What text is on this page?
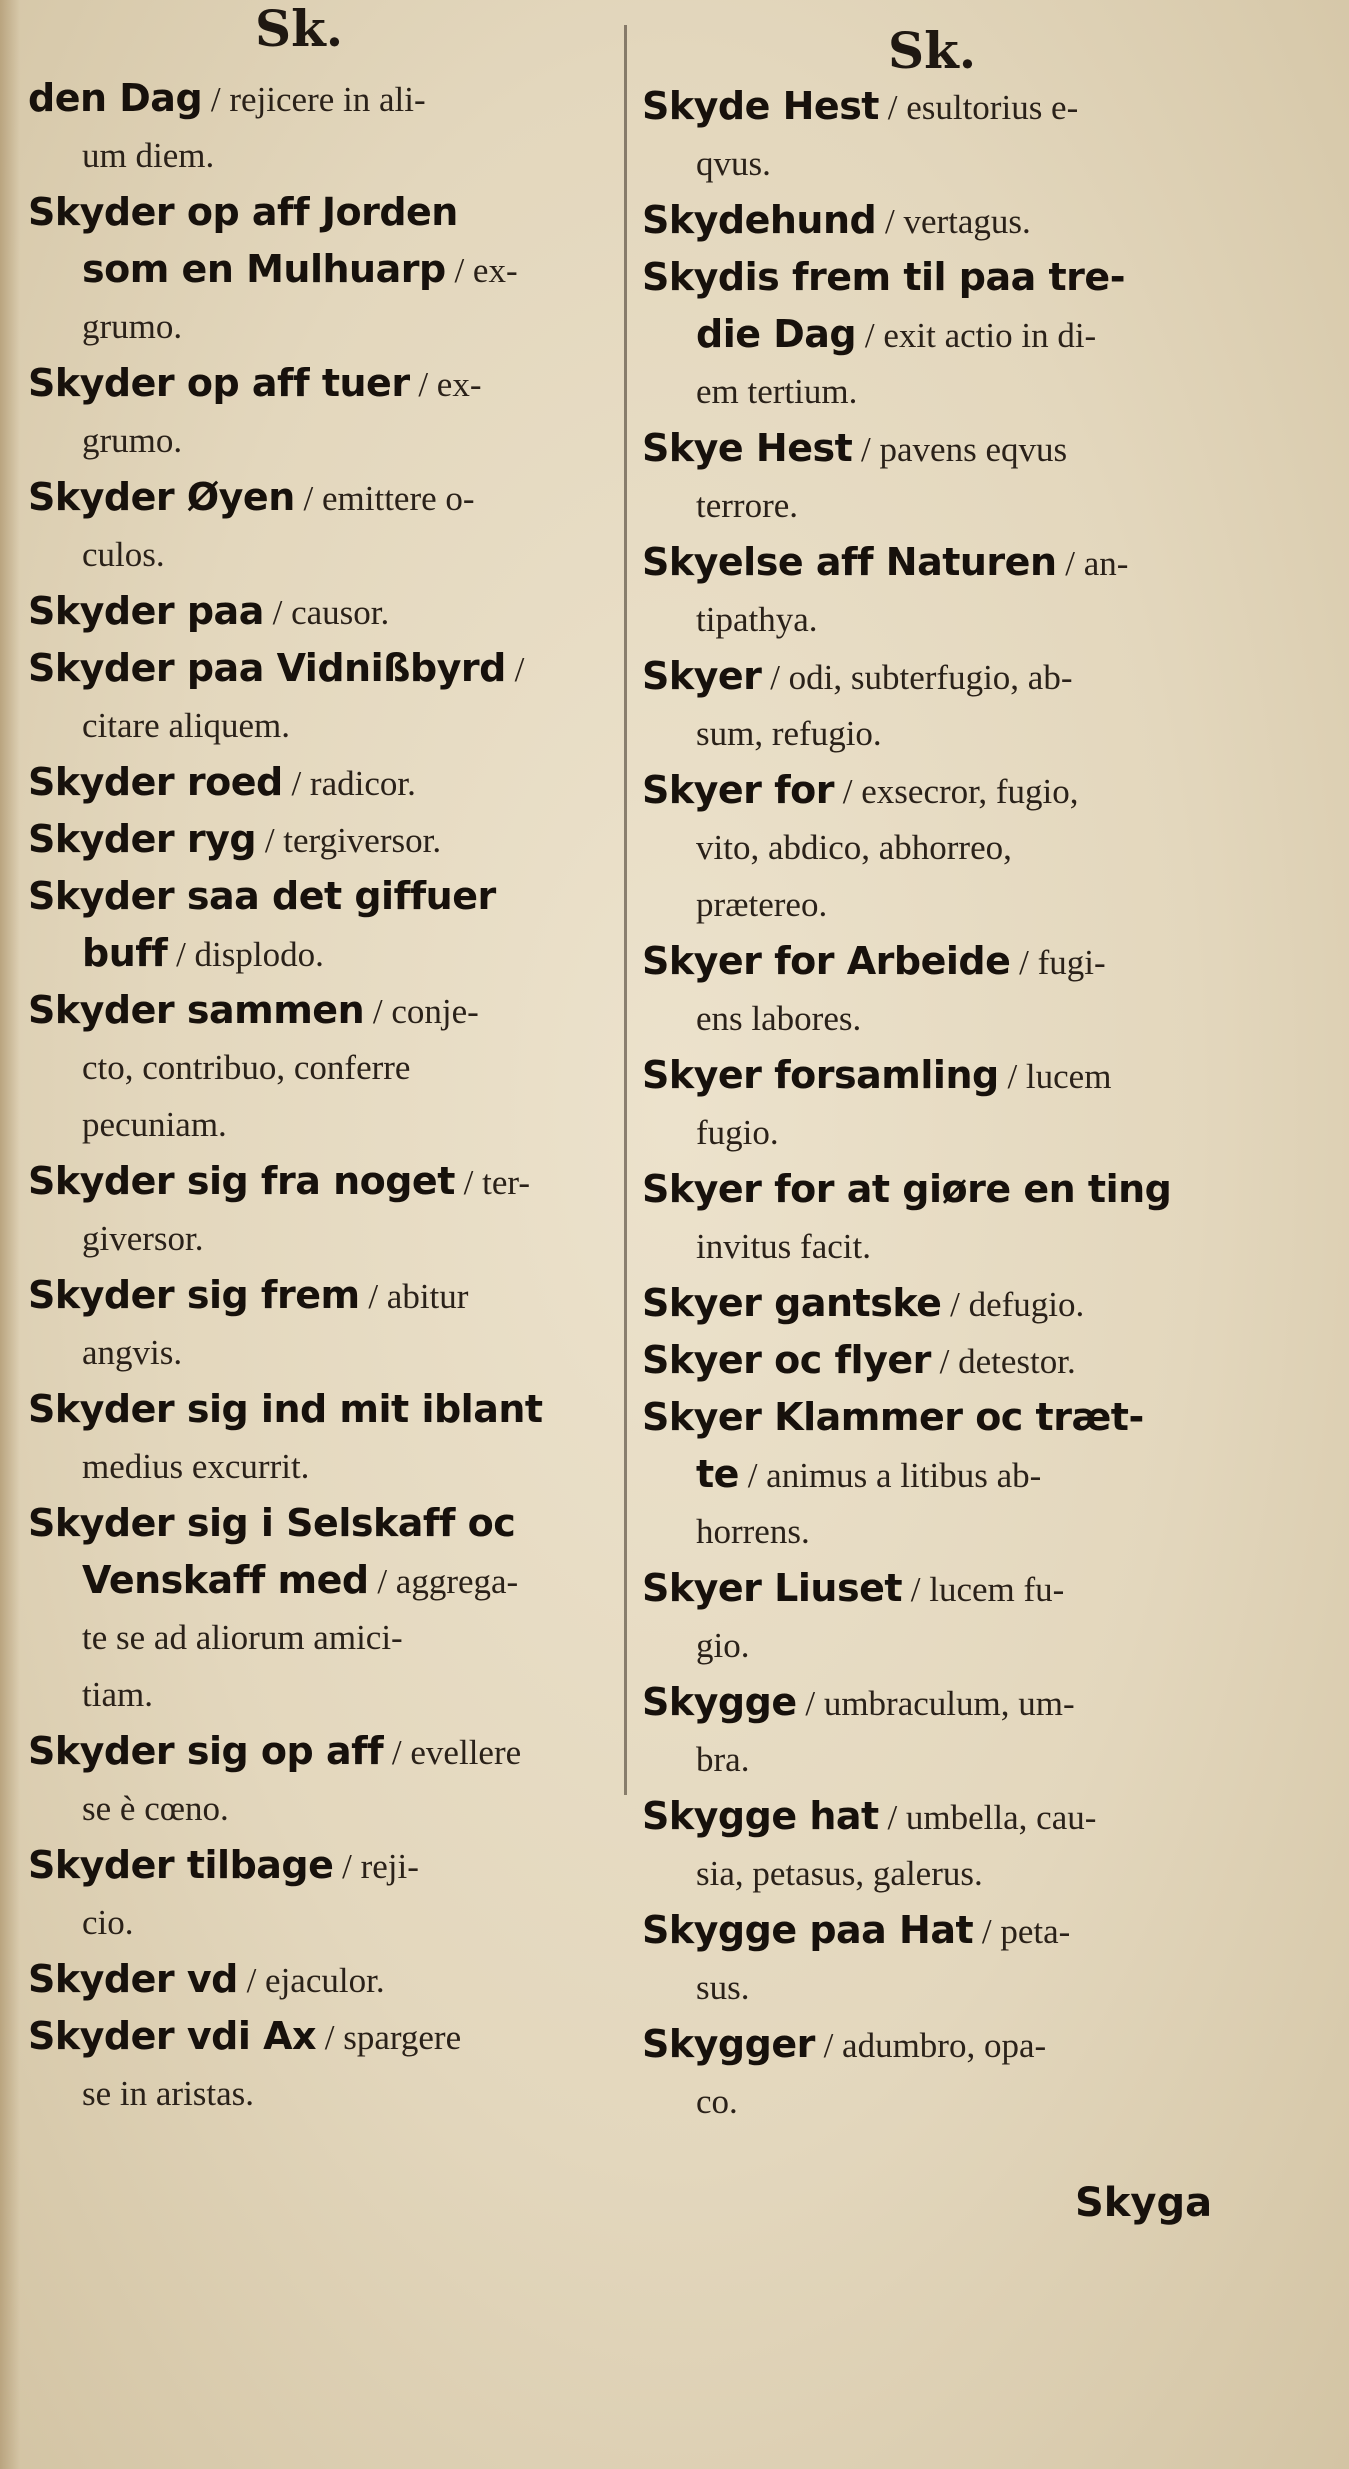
Sk.	Sk.
den Dag / rejicere in ali-
um diem.
Skyder op aff Jorden
som en Mulhuarp / ex-
grumo.
Skyder op aff tuer / ex-
grumo.
Skyder Øyen / emittere o-
culos.
Skyder paa / causor.
Skyder paa Vidnißbyrd /
citare aliquem.
Skyder roed / radicor.
Skyder ryg / tergiversor.
Skyder saa det giffuer
buff / displodo.
Skyder sammen / conje-
cto, contribuo, conferre
pecuniam.
Skyder sig fra noget / ter-
giversor.
Skyder sig frem / abitur
angvis.
Skyder sig ind mit iblant
medius excurrit.
Skyder sig i Selskaff oc
Venskaff med / aggrega-
te se ad aliorum amici-
tiam.
Skyder sig op aff / evellere
se è cœno.
Skyder tilbage / reji-
cio.
Skyder vd / ejaculor.
Skyder vdi Ax / spargere
se in aristas.
Skyde Hest / esultorius e-
qvus.
Skydehund / vertagus.
Skydis frem til paa tre-
die Dag / exit actio in di-
em tertium.
Skye Hest / pavens eqvus
terrore.
Skyelse aff Naturen / an-
tipathya.
Skyer / odi, subterfugio, ab-
sum, refugio.
Skyer for / exsecror, fugio,
vito, abdico, abhorreo,
prætereo.
Skyer for Arbeide / fugi-
ens labores.
Skyer forsamling / lucem
fugio.
Skyer for at giøre en ting
invitus facit.
Skyer gantske / defugio.
Skyer oc flyer / detestor.
Skyer Klammer oc træt-
te / animus a litibus ab-
horrens.
Skyer Liuset / lucem fu-
gio.
Skygge / umbraculum, um-
bra.
Skygge hat / umbella, cau-
sia, petasus, galerus.
Skygge paa Hat / peta-
sus.
Skygger / adumbro, opa-
co.
Skyga
